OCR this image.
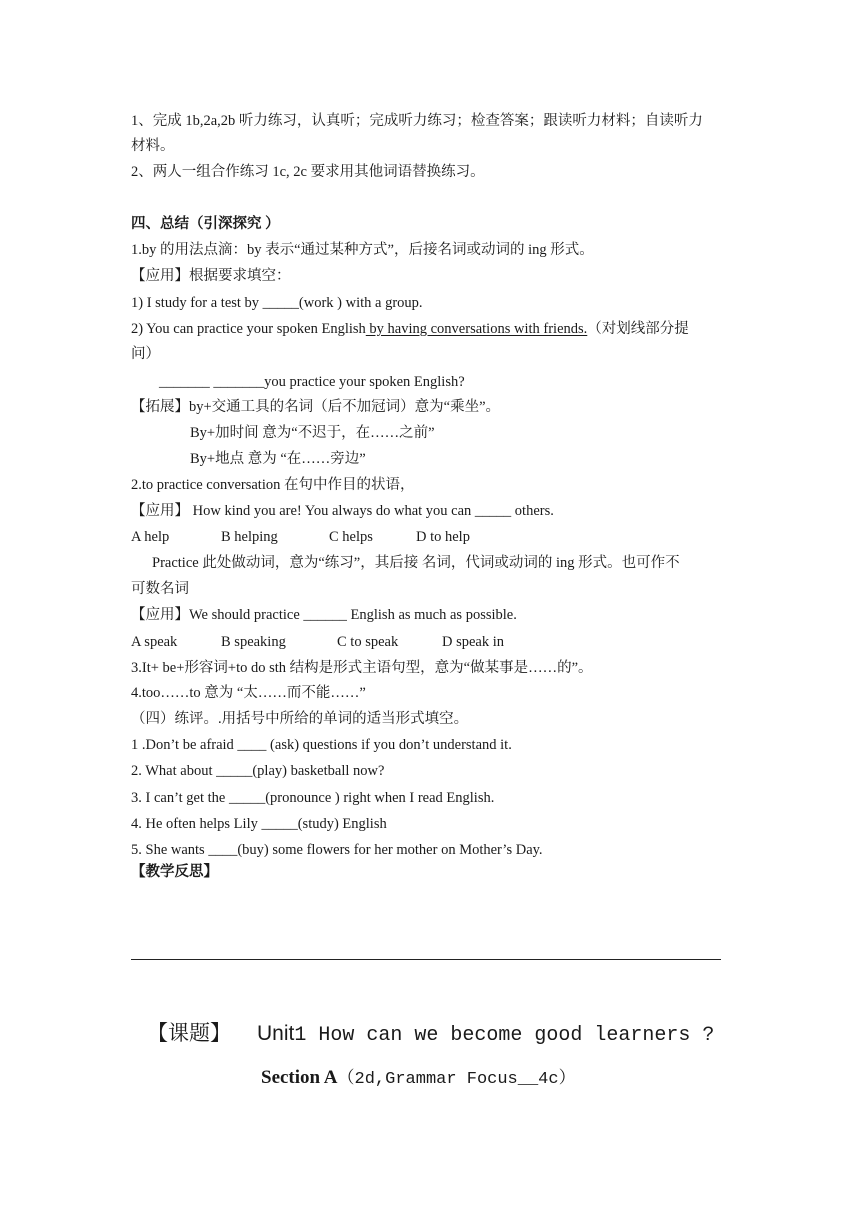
1、完成 1b,2a,2b 听力练习，认真听；完成听力练习；检查答案；跟读听力材料；自读听力
材料。
2、两人一组合作练习 1c, 2c 要求用其他词语替换练习。
四、总结（引深探究 ）
1.by 的用法点滴：by 表示“通过某种方式”，后接名词或动词的 ing 形式。
【应用】根据要求填空：
1) I study for a test by _____(work ) with a group.
2) You can practice your spoken English by having conversations with friends.（对划线部分提
问）
_______ _______you practice your spoken English?
【拓展】by+交通工具的名词（后不加冠词）意为“乘坐”。
By+加时间 意为“不迟于，在……之前”
By+地点 意为 “在……旁边”
2.to practice conversation 在句中作目的状语，
【应用】 How kind you are! You always do what you can _____ others.
A help	B helping	C helps	D to help
Practice 此处做动词，意为“练习”，其后接 名词，代词或动词的 ing 形式。也可作不
可数名词
【应用】We should practice ______ English as much as possible.
A speak	B speaking	C to speak	D speak in
3.It+ be+形容词+to do sth 结构是形式主语句型，意为“做某事是……的”。
4.too……to 意为 “太……而不能……”
（四）练评。.用括号中所给的单词的适当形式填空。
1 .Don’t be afraid ____ (ask) questions if you don’t understand it.
2. What about _____(play) basketball now?
3. I can’t get the _____(pronounce ) right when I read English.
4. He often helps Lily _____(study) English
5. She wants ____(buy) some flowers for her mother on Mother’s Day.
【教学反思】
【课题】 Unit1 How can we become good learners ?
Section A（2d,Grammar Focus__4c）
